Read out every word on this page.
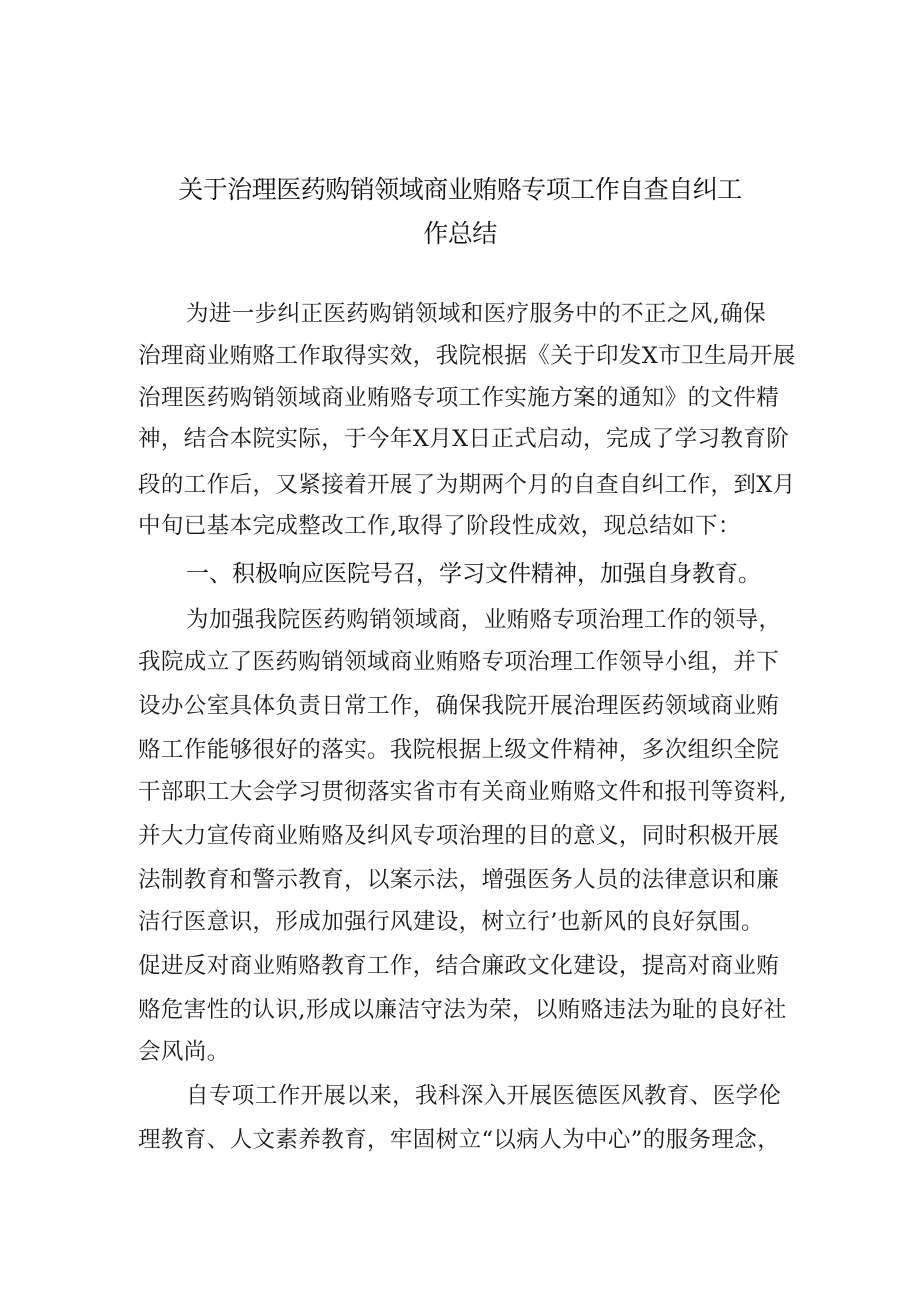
关于治理医药购销领域商业贿赂专项工作自查自纠工
作总结
为进一步纠正医药购销领域和医疗服务中的不正之风,确保
治理商业贿赂工作取得实效，我院根据《关于印发X市卫生局开展
治理医药购销领域商业贿赂专项工作实施方案的通知》的文件精
神，结合本院实际，于今年X月X日正式启动，完成了学习教育阶
段的工作后，又紧接着开展了为期两个月的自查自纠工作，到X月
中旬已基本完成整改工作,取得了阶段性成效，现总结如下：
一、积极响应医院号召，学习文件精神，加强自身教育。
为加强我院医药购销领域商，业贿赂专项治理工作的领导，
我院成立了医药购销领域商业贿赂专项治理工作领导小组，并下
设办公室具体负责日常工作，确保我院开展治理医药领域商业贿
赂工作能够很好的落实。我院根据上级文件精神，多次组织全院
干部职工大会学习贯彻落实省市有关商业贿赂文件和报刊等资料,
并大力宣传商业贿赂及纠风专项治理的目的意义，同时积极开展
法制教育和警示教育，以案示法，增强医务人员的法律意识和廉
洁行医意识，形成加强行风建设，树立行’也新风的良好氛围。
促进反对商业贿赂教育工作，结合廉政文化建设，提高对商业贿
赂危害性的认识,形成以廉洁守法为荣，以贿赂违法为耻的良好社
会风尚。
自专项工作开展以来，我科深入开展医德医风教育、医学伦
理教育、人文素养教育，牢固树立“以病人为中心”的服务理念，
